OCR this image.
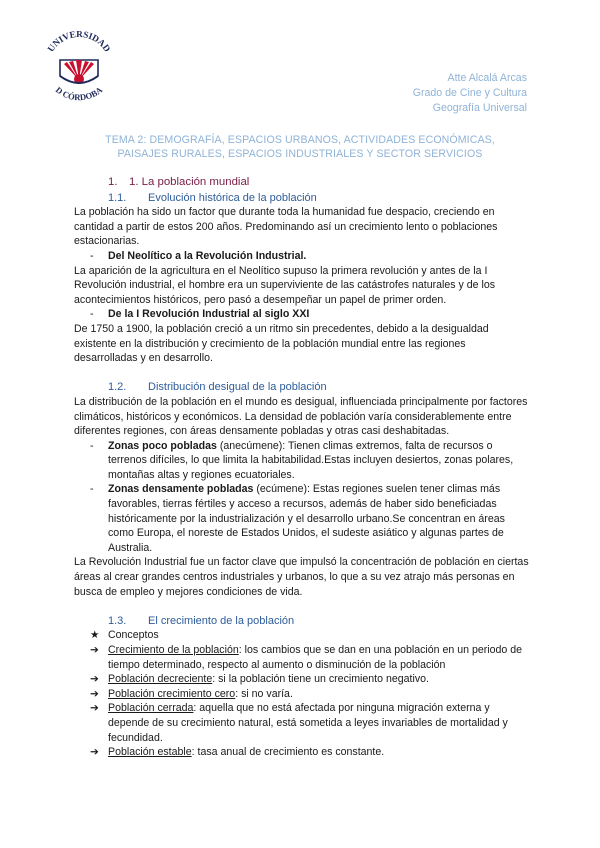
UNIVERSIDAD
D CÓRDOBA
Atte Alcalá Arcas
Grado de Cine y Cultura
Geografía Universal
TEMA 2: DEMOGRAFÍA, ESPACIOS URBANOS, ACTIVIDADES ECONÓMICAS,
PAISAJES RURALES, ESPACIOS INDUSTRIALES Y SECTOR SERVICIOS
1. 1. La población mundial
1.1. Evolución histórica de la población

La población ha sido un factor que durante toda la humanidad fue despacio, creciendo en cantidad a partir de estos 200 años. Predominando así un crecimiento lento o poblaciones estacionarias.

- Del Neolítico a la Revolución Industrial.

La aparición de la agricultura en el Neolítico supuso la primera revolución y antes de la I Revolución industrial, el hombre era un superviviente de las catástrofes naturales y de los acontecimientos históricos, pero pasó a desempeñar un papel de primer orden.

- De la I Revolución Industrial al siglo XXI

De 1750 a 1900, la población creció a un ritmo sin precedentes, debido a la desigualdad existente en la distribución y crecimiento de la población mundial entre las regiones desarrolladas y en desarrollo.

1.2. Distribución desigual de la población

La distribución de la población en el mundo es desigual, influenciada principalmente por factores climáticos, históricos y económicos. La densidad de población varía considerablemente entre diferentes regiones, con áreas densamente pobladas y otras casi deshabitadas.

- Zonas poco pobladas (anecúmene): Tienen climas extremos, falta de recursos o terrenos difíciles, lo que limita la habitabilidad.Estas incluyen desiertos, zonas polares, montañas altas y regiones ecuatoriales.
- Zonas densamente pobladas (ecúmene): Estas regiones suelen tener climas más favorables, tierras fértiles y acceso a recursos, además de haber sido beneficiadas históricamente por la industrialización y el desarrollo urbano.Se concentran en áreas como Europa, el noreste de Estados Unidos, el sudeste asiático y algunas partes de Australia.

La Revolución Industrial fue un factor clave que impulsó la concentración de población en ciertas áreas al crear grandes centros industriales y urbanos, lo que a su vez atrajo más personas en busca de empleo y mejores condiciones de vida.

1.3. El crecimiento de la población
★ Conceptos
➔ Crecimiento de la población: los cambios que se dan en una población en un periodo de tiempo determinado, respecto al aumento o disminución de la población
➔ Población decreciente: si la población tiene un crecimiento negativo.
➔ Población crecimiento cero: si no varía.
➔ Población cerrada: aquella que no está afectada por ninguna migración externa y depende de su crecimiento natural, está sometida a leyes invariables de mortalidad y fecundidad.
➔ Población estable: tasa anual de crecimiento es constante.
